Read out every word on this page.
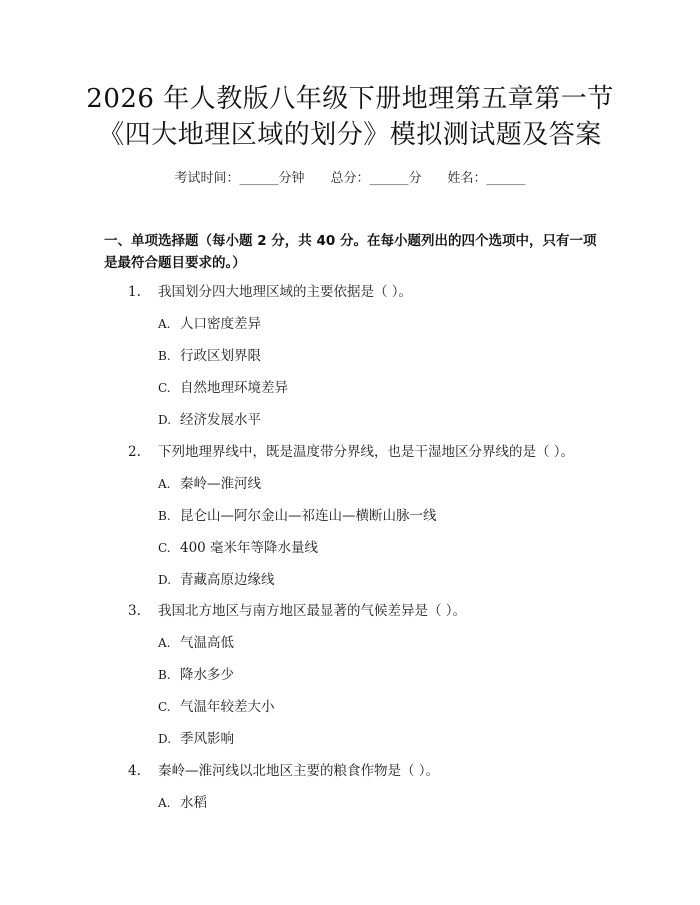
2026 年人教版八年级下册地理第五章第一节
《四大地理区域的划分》模拟测试题及答案
考试时间：______分钟 总分：______分 姓名：______
一、单项选择题（每小题 2 分，共 40 分。在每小题列出的四个选项中，只有一项是最符合题目要求的。）
1. 我国划分四大地理区域的主要依据是（ ）。
A. 人口密度差异
B. 行政区划界限
C. 自然地理环境差异
D. 经济发展水平
2. 下列地理界线中，既是温度带分界线，也是干湿地区分界线的是（ ）。
A. 秦岭—淮河线
B. 昆仑山—阿尔金山—祁连山—横断山脉一线
C. 400 毫米年等降水量线
D. 青藏高原边缘线
3. 我国北方地区与南方地区最显著的气候差异是（ ）。
A. 气温高低
B. 降水多少
C. 气温年较差大小
D. 季风影响
4. 秦岭—淮河线以北地区主要的粮食作物是（ ）。
A. 水稻
